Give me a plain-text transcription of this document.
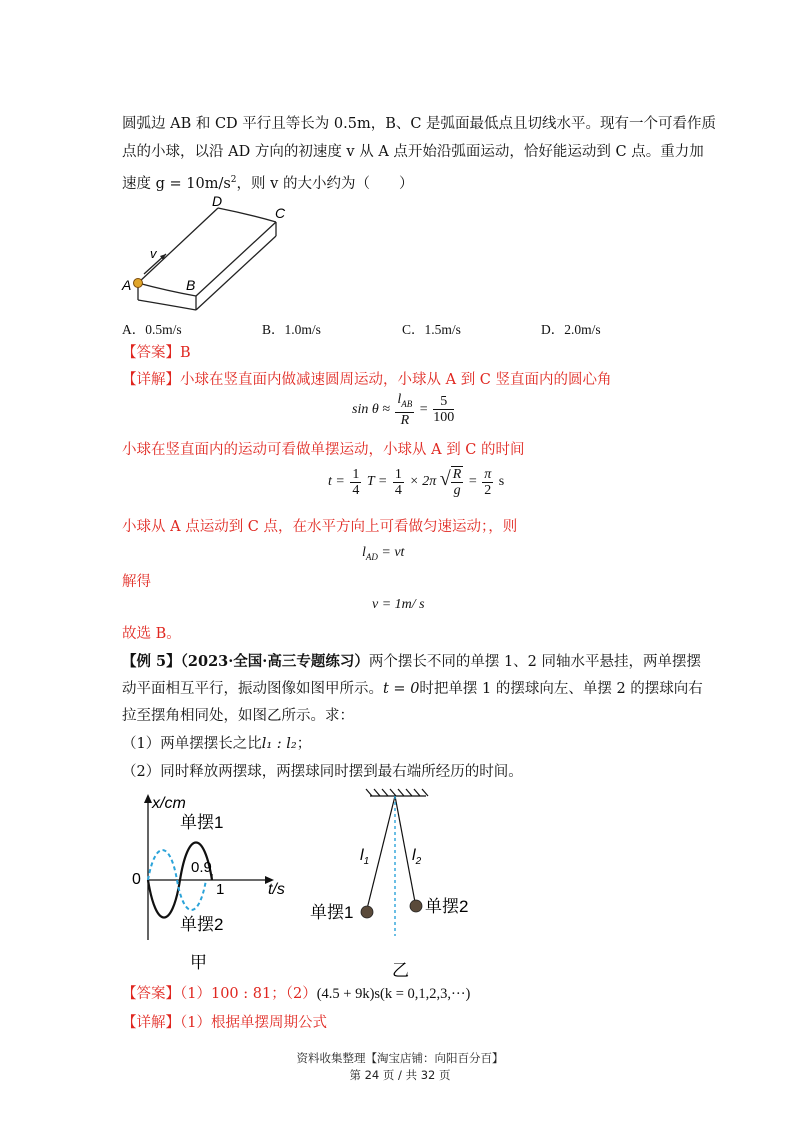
圆弧边 AB 和 CD 平行且等长为 0.5m，B、C 是弧面最低点且切线水平。现有一个可看作质
点的小球，以沿 AD 方向的初速度 v 从 A 点开始沿弧面运动，恰好能运动到 C 点。重力加
速度 $g = 10m/s^2$，则 v 的大小约为（　　）
D
C
v
A	B
A．0.5m/s	B．1.0m/s	C．1.5m/s	D．2.0m/s
【答案】B
【详解】小球在竖直面内做减速圆周运动，小球从 A 到 C 竖直面内的圆心角
$\sin \theta \approx \frac{l_{AB}}{R} = \frac{5}{100}$
小球在竖直面内的运动可看做单摆运动，小球从 A 到 C 的时间
$t = \frac{1}{4}$ $T = \frac{1}{4} \times 2\pi$ √ $\frac{R}{g} = \frac{\pi}{2}$ s
小球从 A 点运动到 C 点，在水平方向上可看做匀速运动；，则
$l_{AD}$ = vt
解得
v = 1m/ s
故选 B。
【例 5】（2023·全国·高三专题练习）两个摆长不同的单摆 1、2 同轴水平悬挂，两单摆摆
动平面相互平行，振动图像如图甲所示。t = 0时把单摆 1 的摆球向左、单摆 2 的摆球向右
拉至摆角相同处，如图乙所示。求：
（1）两单摆摆长之比l₁ : l₂；
（2）同时释放两摆球，两摆球同时摆到最右端所经历的时间。
x/cm
t/s
0
单摆1
单摆2
0.9
1
甲
$l_1$	$l_2$
单摆1	单摆2
乙
【答案】（1）100 : 81；（2）(4.5 + 9k)s(k = 0,1,2,3,···)
【详解】（1）根据单摆周期公式
资料收集整理【淘宝店铺：向阳百分百】
第 24 页 / 共 32 页
